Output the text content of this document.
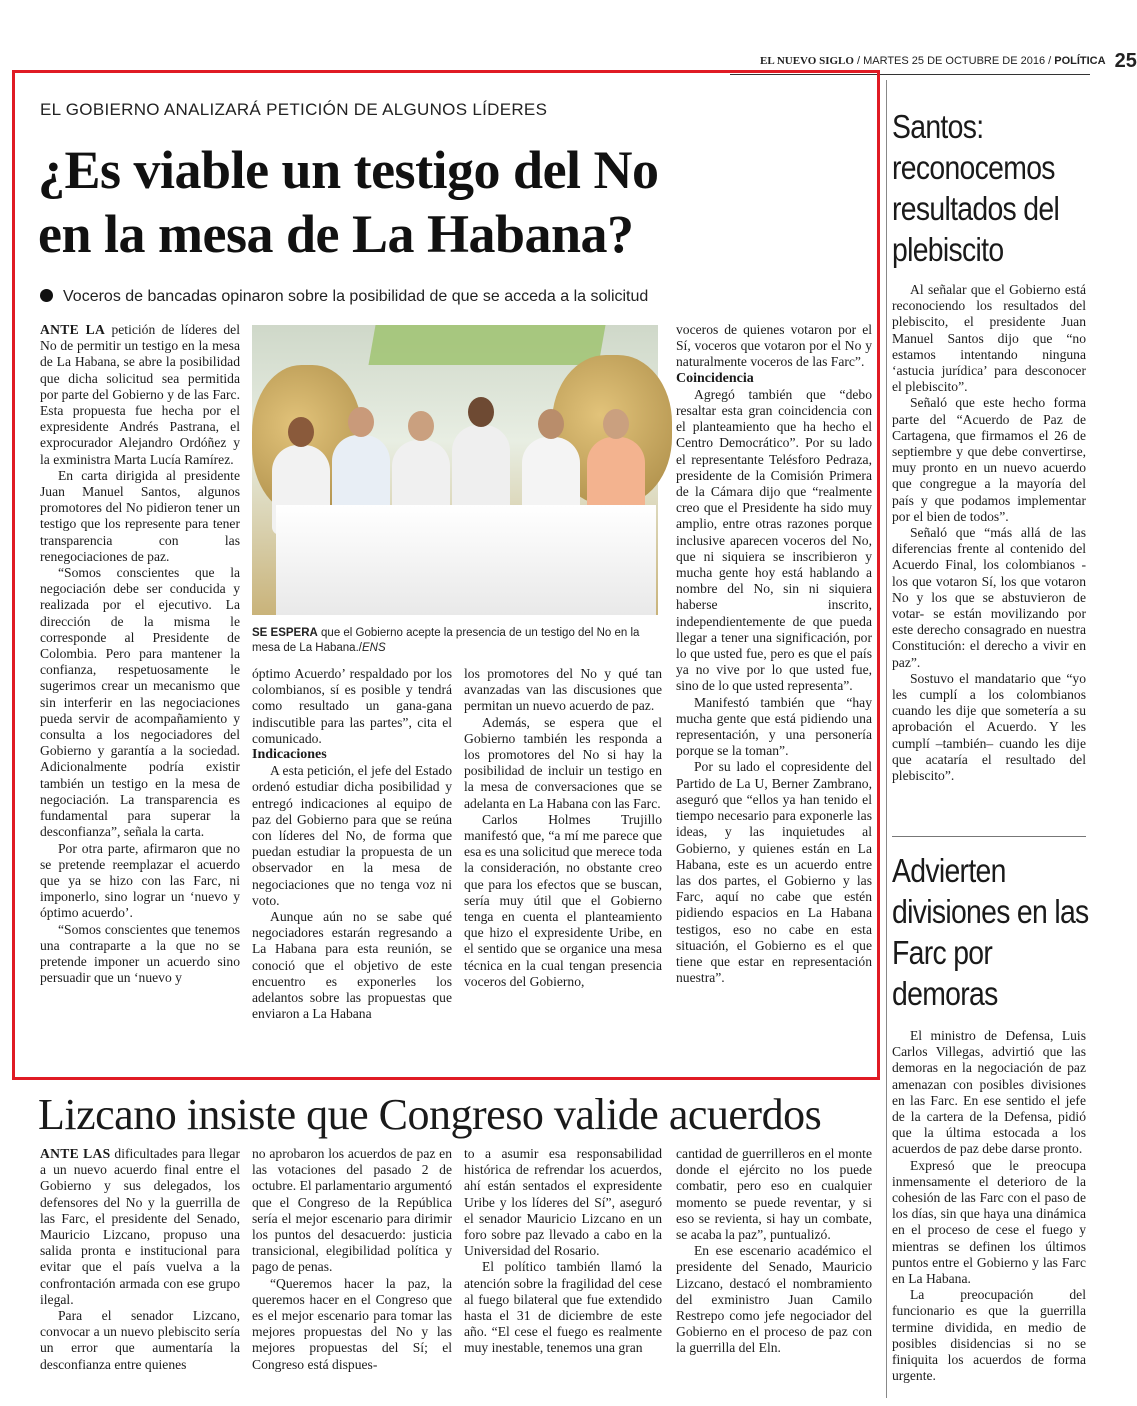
EL NUEVO SIGLO / MARTES 25 DE OCTUBRE DE 2016 / POLÍTICA 25
EL GOBIERNO ANALIZARÁ PETICIÓN DE ALGUNOS LÍDERES
¿Es viable un testigo del No
en la mesa de La Habana?
Voceros de bancadas opinaron sobre la posibilidad de que se acceda a la solicitud

ANTE LA petición de líderes del No de permitir un testigo en la mesa de La Habana, se abre la posibilidad que dicha solicitud sea permitida por parte del Gobierno y de las Farc. Esta propuesta fue hecha por el expresidente Andrés Pastrana, el exprocurador Alejandro Ordóñez y la exministra Marta Lucía Ramírez.

En carta dirigida al presidente Juan Manuel Santos, algunos promotores del No pidieron tener un testigo que los represente para tener transparencia con las renegociaciones de paz.

“Somos conscientes que la negociación debe ser conducida y realizada por el ejecutivo. La dirección de la misma le corresponde al Presidente de Colombia. Pero para mantener la confianza, respetuosamente le sugerimos crear un mecanismo que sin interferir en las negociaciones pueda servir de acompañamiento y consulta a los negociadores del Gobierno y garantía a la sociedad. Adicionalmente podría existir también un testigo en la mesa de negociación. La transparencia es fundamental para superar la desconfianza”, señala la carta.

Por otra parte, afirmaron que no se pretende reemplazar el acuerdo que ya se hizo con las Farc, ni imponerlo, sino lograr un ‘nuevo y óptimo acuerdo’.

“Somos conscientes que tenemos una contraparte a la que no se pretende imponer un acuerdo sino persuadir que un ‘nuevo y

SE ESPERA que el Gobierno acepte la presencia de un testigo del No en la mesa de La Habana./ENS

óptimo Acuerdo’ respaldado por los colombianos, sí es posible y tendrá como resultado un gana-gana indiscutible para las partes”, cita el comunicado.

Indicaciones

A esta petición, el jefe del Estado ordenó estudiar dicha posibilidad y entregó indicaciones al equipo de paz del Gobierno para que se reúna con líderes del No, de forma que puedan estudiar la propuesta de un observador en la mesa de negociaciones que no tenga voz ni voto.

Aunque aún no se sabe qué negociadores estarán regresando a La Habana para esta reunión, se conoció que el objetivo de este encuentro es exponerles los adelantos sobre las propuestas que enviaron a La Habana

los promotores del No y qué tan avanzadas van las discusiones que permitan un nuevo acuerdo de paz.

Además, se espera que el Gobierno también les responda a los promotores del No si hay la posibilidad de incluir un testigo en la mesa de conversaciones que se adelanta en La Habana con las Farc.

Carlos Holmes Trujillo manifestó que, “a mí me parece que esa es una solicitud que merece toda la consideración, no obstante creo que para los efectos que se buscan, sería muy útil que el Gobierno tenga en cuenta el planteamiento que hizo el expresidente Uribe, en el sentido que se organice una mesa técnica en la cual tengan presencia voceros del Gobierno,

voceros de quienes votaron por el Sí, voceros que votaron por el No y naturalmente voceros de las Farc”.

Coincidencia

Agregó también que “debo resaltar esta gran coincidencia con el planteamiento que ha hecho el Centro Democrático”. Por su lado el representante Telésforo Pedraza, presidente de la Comisión Primera de la Cámara dijo que “realmente creo que el Presidente ha sido muy amplio, entre otras razones porque inclusive aparecen voceros del No, que ni siquiera se inscribieron y mucha gente hoy está hablando a nombre del No, sin ni siquiera haberse inscrito, independientemente de que pueda llegar a tener una significación, por lo que usted fue, pero es que el país ya no vive por lo que usted fue, sino de lo que usted representa”.

Manifestó también que “hay mucha gente que está pidiendo una representación, y una personería porque se la toman”.

Por su lado el copresidente del Partido de La U, Berner Zambrano, aseguró que “ellos ya han tenido el tiempo necesario para exponerle las ideas, y las inquietudes al Gobierno, y quienes están en La Habana, este es un acuerdo entre las dos partes, el Gobierno y las Farc, aquí no cabe que estén pidiendo espacios en La Habana testigos, eso no cabe en esta situación, el Gobierno es el que tiene que estar en representación nuestra”.

Santos: reconocemos resultados del plebiscito

Al señalar que el Gobierno está reconociendo los resultados del plebiscito, el presidente Juan Manuel Santos dijo que “no estamos intentando ninguna ‘astucia jurídica’ para desconocer el plebiscito”.

Señaló que este hecho forma parte del “Acuerdo de Paz de Cartagena, que firmamos el 26 de septiembre y que debe convertirse, muy pronto en un nuevo acuerdo que congregue a la mayoría del país y que podamos implementar por el bien de todos”.

Señaló que “más allá de las diferencias frente al contenido del Acuerdo Final, los colombianos -los que votaron Sí, los que votaron No y los que se abstuvieron de votar- se están movilizando por este derecho consagrado en nuestra Constitución: el derecho a vivir en paz”.

Sostuvo el mandatario que “yo les cumplí a los colombianos cuando les dije que sometería a su aprobación el Acuerdo. Y les cumplí –también– cuando les dije que acataría el resultado del plebiscito”.

Advierten divisiones en las Farc por demoras

El ministro de Defensa, Luis Carlos Villegas, advirtió que las demoras en la negociación de paz amenazan con posibles divisiones en las Farc. En ese sentido el jefe de la cartera de la Defensa, pidió que la última estocada a los acuerdos de paz debe darse pronto.

Expresó que le preocupa inmensamente el deterioro de la cohesión de las Farc con el paso de los días, sin que haya una dinámica en el proceso de cese el fuego y mientras se definen los últimos puntos entre el Gobierno y las Farc en La Habana.

La preocupación del funcionario es que la guerrilla termine dividida, en medio de posibles disidencias si no se finiquita los acuerdos de forma urgente.

Lizcano insiste que Congreso valide acuerdos

ANTE LAS dificultades para llegar a un nuevo acuerdo final entre el Gobierno y sus delegados, los defensores del No y la guerrilla de las Farc, el presidente del Senado, Mauricio Lizcano, propuso una salida pronta e institucional para evitar que el país vuelva a la confrontación armada con ese grupo ilegal.

Para el senador Lizcano, convocar a un nuevo plebiscito sería un error que aumentaría la desconfianza entre quienes

no aprobaron los acuerdos de paz en las votaciones del pasado 2 de octubre. El parlamentario argumentó que el Congreso de la República sería el mejor escenario para dirimir los puntos del desacuerdo: justicia transicional, elegibilidad política y pago de penas.

“Queremos hacer la paz, la queremos hacer en el Congreso que es el mejor escenario para tomar las mejores propuestas del No y las mejores propuestas del Sí; el Congreso está dispues-

to a asumir esa responsabilidad histórica de refrendar los acuerdos, ahí están sentados el expresidente Uribe y los líderes del Sí”, aseguró el senador Mauricio Lizcano en un foro sobre paz llevado a cabo en la Universidad del Rosario.

El político también llamó la atención sobre la fragilidad del cese al fuego bilateral que fue extendido hasta el 31 de diciembre de este año. “El cese el fuego es realmente muy inestable, tenemos una gran

cantidad de guerrilleros en el monte donde el ejército no los puede combatir, pero eso en cualquier momento se puede reventar, y si eso se revienta, si hay un combate, se acaba la paz”, puntualizó.

En ese escenario académico el presidente del Senado, Mauricio Lizcano, destacó el nombramiento del exministro Juan Camilo Restrepo como jefe negociador del Gobierno en el proceso de paz con la guerrilla del Eln.
